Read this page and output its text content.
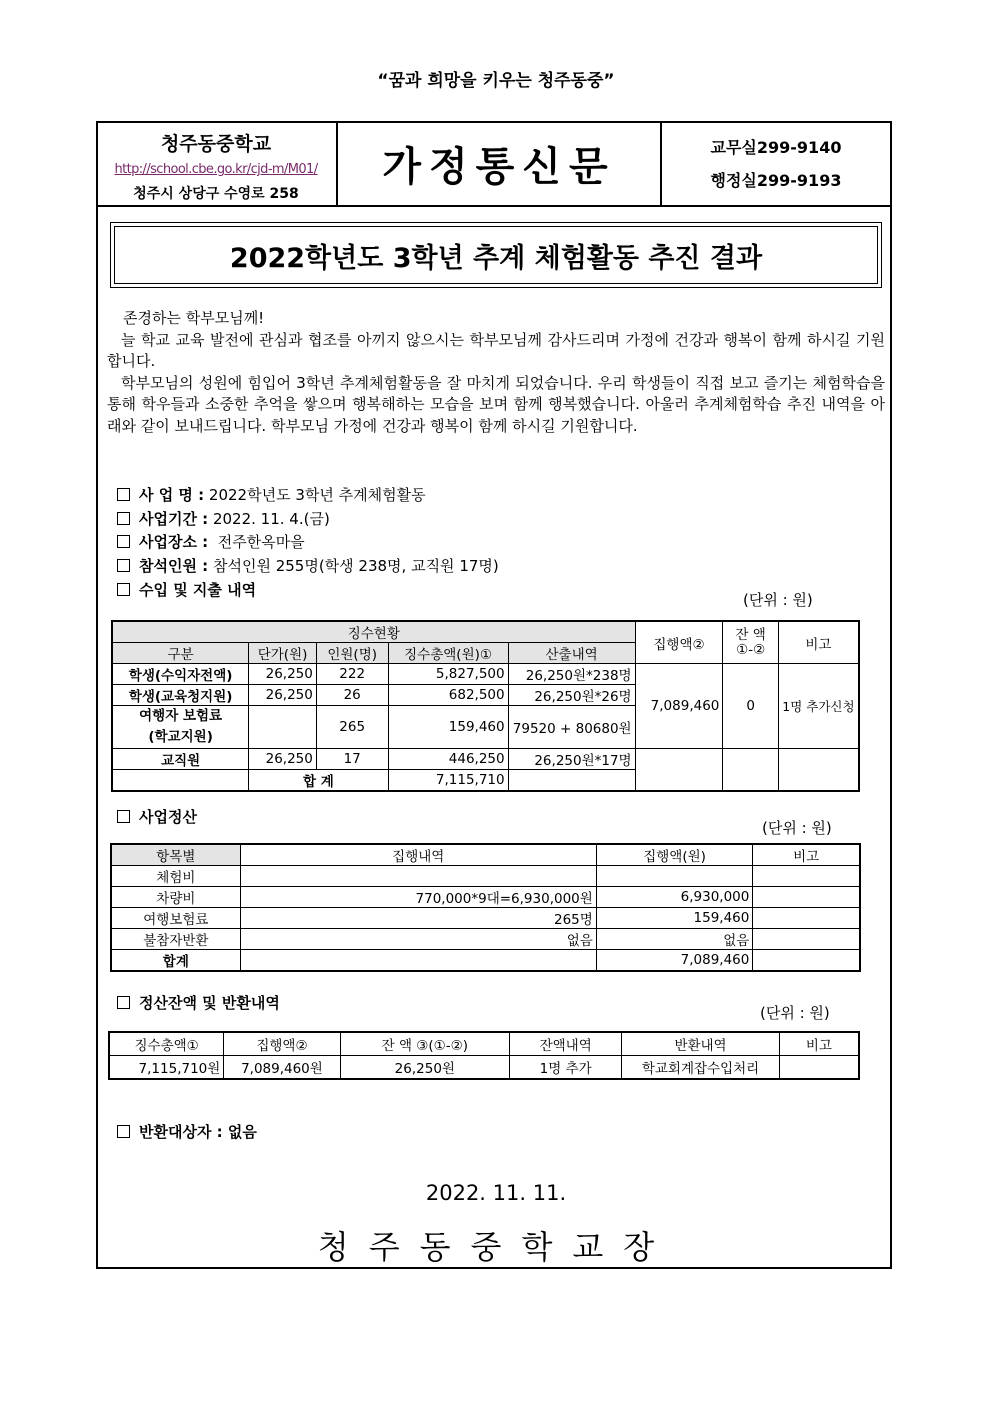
“꿈과 희망을 키우는 청주동중”
청주동중학교
http://school.cbe.go.kr/cjd-m/M01/
청주시 상당구 수영로 258
가정통신문	교무실299-9140
행정실299-9193
2022학년도 3학년 추계 체험활동 추진 결과

존경하는 학부모님께!

늘 학교 교육 발전에 관심과 협조를 아끼지 않으시는 학부모님께 감사드리며 가정에 건강과 행복이 함께 하시길 기원합니다.

학부모님의 성원에 힘입어 3학년 추계체험활동을 잘 마치게 되었습니다. 우리 학생들이 직접 보고 즐기는 체험학습을 통해 학우들과 소중한 추억을 쌓으며 행복해하는 모습을 보며 함께 행복했습니다. 아울러 추계체험학습 추진 내역을 아래와 같이 보내드립니다. 학부모님 가정에 건강과 행복이 함께 하시길 기원합니다.

사 업 명 : 2022학년도 3학년 추계체험활동
사업기간 : 2022. 11. 4.(금)
사업장소 : 전주한옥마을
참석인원 : 참석인원 255명(학생 238명, 교직원 17명)
수입 및 지출 내역
(단위 : 원)
징수현황					집행액②	잔 액 ①-②	비고
구분	단가(원)	인원(명)	징수총액(원)①	산출내역			
학생(수익자전액)	26,250	222	5,827,500	26,250원*238명	7,089,460	0	1명 추가신청
학생(교육청지원)	26,250	26	682,500	26,250원*26명			
여행자 보험료
(학교지원)		265	159,460	79520 + 80680원			
교직원	26,250	17	446,250	26,250원*17명			
	합 계		7,115,710				
사업정산
(단위 : 원)
항목별	집행내역	집행액(원)	비고
체험비			
차량비	770,000*9대=6,930,000원	6,930,000	
여행보험료	265명	159,460	
불참자반환	없음	없음	
합계		7,089,460	
정산잔액 및 반환내역
(단위 : 원)
징수총액①	집행액②	잔 액 ③(①-②)	잔액내역	반환내역	비고
7,115,710원	7,089,460원	26,250원	1명 추가	학교회계잡수입처리	
반환대상자 : 없음
2022. 11. 11.
청주동중학교장
